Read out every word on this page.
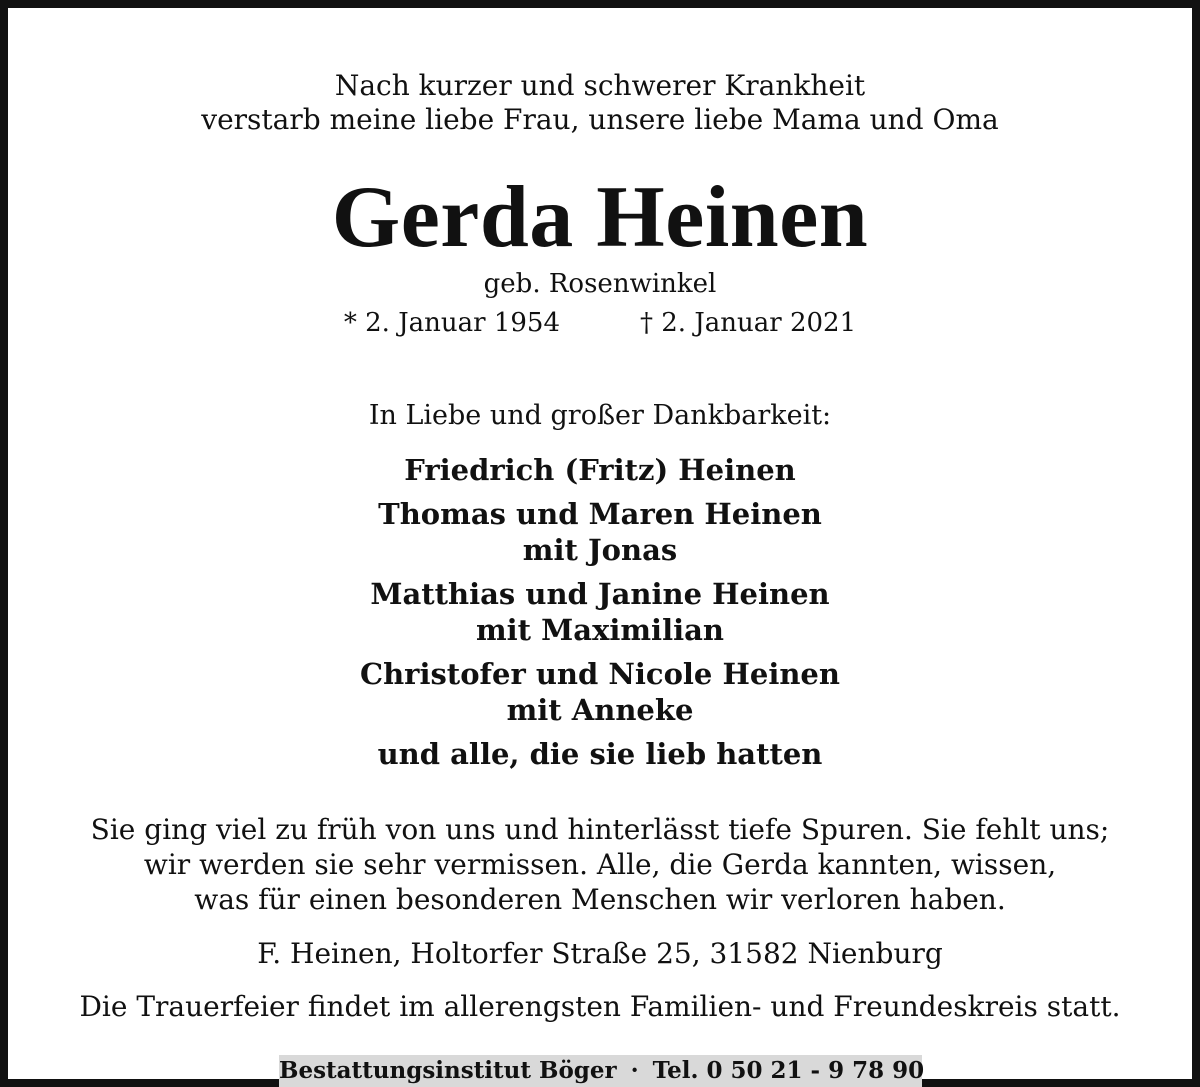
Nach kurzer und schwerer Krankheit
verstarb meine liebe Frau, unsere liebe Mama und Oma
Gerda Heinen
geb. Rosenwinkel
* 2. Januar 1954	† 2. Januar 2021
In Liebe und großer Dankbarkeit:
Friedrich (Fritz) Heinen
Thomas und Maren Heinen
mit Jonas
Matthias und Janine Heinen
mit Maximilian
Christofer und Nicole Heinen
mit Anneke
und alle, die sie lieb hatten
Sie ging viel zu früh von uns und hinterlässt tiefe Spuren. Sie fehlt uns;
wir werden sie sehr vermissen. Alle, die Gerda kannten, wissen,
was für einen besonderen Menschen wir verloren haben.
F. Heinen, Holtorfer Straße 25, 31582 Nienburg
Die Trauerfeier findet im allerengsten Familien- und Freundeskreis statt.
Bestattungsinstitut Böger · Tel. 0 50 21 - 9 78 90
